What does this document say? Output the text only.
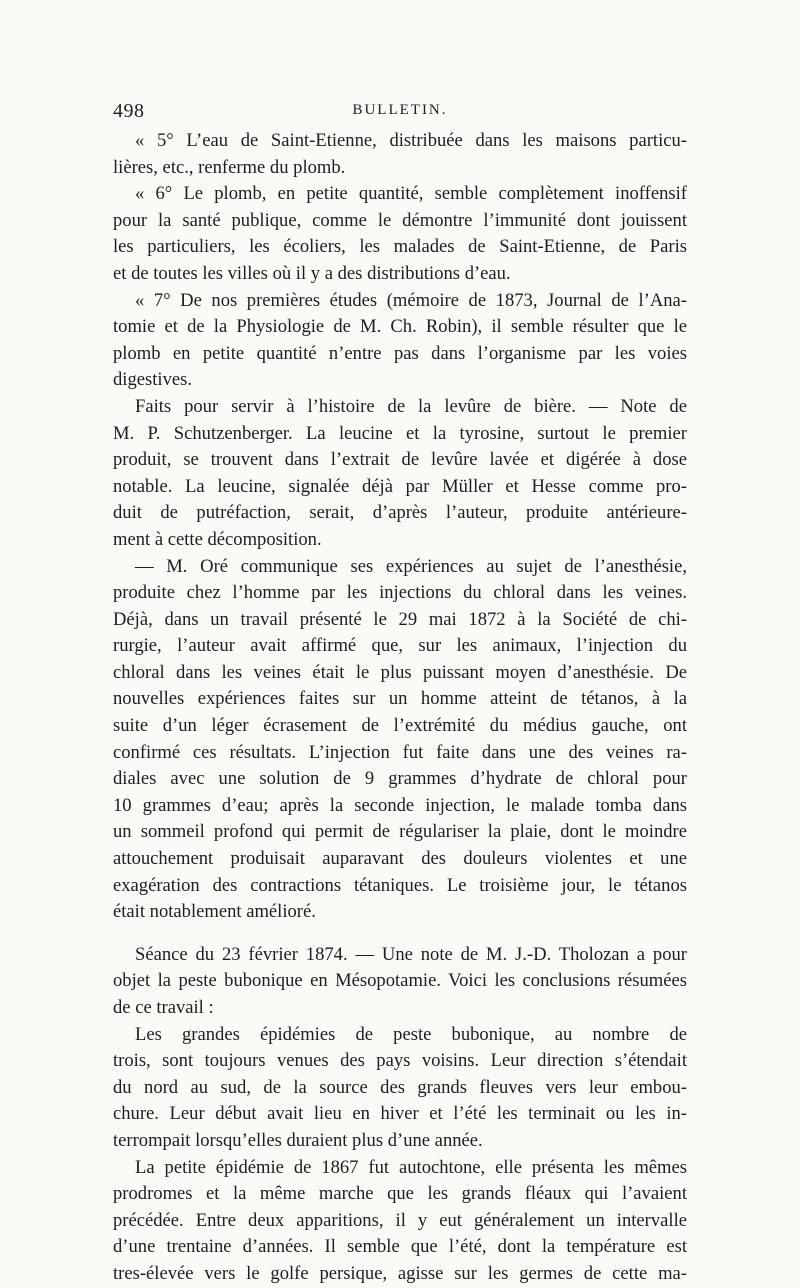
498	BULLETIN.

« 5° L’eau de Saint-Etienne, distribuée dans les maisons particu-
lières, etc., renferme du plomb.

« 6° Le plomb, en petite quantité, semble complètement inoffensif
pour la santé publique, comme le démontre l’immunité dont jouissent
les particuliers, les écoliers, les malades de Saint-Etienne, de Paris
et de toutes les villes où il y a des distributions d’eau.

« 7° De nos premières études (mémoire de 1873, Journal de l’Ana-
tomie et de la Physiologie de M. Ch. Robin), il semble résulter que le
plomb en petite quantité n’entre pas dans l’organisme par les voies
digestives.

Faits pour servir à l’histoire de la levûre de bière. — Note de
M. P. Schutzenberger. La leucine et la tyrosine, surtout le premier
produit, se trouvent dans l’extrait de levûre lavée et digérée à dose
notable. La leucine, signalée déjà par Müller et Hesse comme pro-
duit de putréfaction, serait, d’après l’auteur, produite antérieure-
ment à cette décomposition.

— M. Oré communique ses expériences au sujet de l’anesthésie,
produite chez l’homme par les injections du chloral dans les veines.
Déjà, dans un travail présenté le 29 mai 1872 à la Société de chi-
rurgie, l’auteur avait affirmé que, sur les animaux, l’injection du
chloral dans les veines était le plus puissant moyen d’anesthésie. De
nouvelles expériences faites sur un homme atteint de tétanos, à la
suite d’un léger écrasement de l’extrémité du médius gauche, ont
confirmé ces résultats. L’injection fut faite dans une des veines ra-
diales avec une solution de 9 grammes d’hydrate de chloral pour
10 grammes d’eau; après la seconde injection, le malade tomba dans
un sommeil profond qui permit de régulariser la plaie, dont le moindre
attouchement produisait auparavant des douleurs violentes et une
exagération des contractions tétaniques. Le troisième jour, le tétanos
était notablement amélioré.

Séance du 23 février 1874. — Une note de M. J.-D. Tholozan a pour
objet la peste bubonique en Mésopotamie. Voici les conclusions résumées
de ce travail :

Les grandes épidémies de peste bubonique, au nombre de
trois, sont toujours venues des pays voisins. Leur direction s’étendait
du nord au sud, de la source des grands fleuves vers leur embou-
chure. Leur début avait lieu en hiver et l’été les terminait ou les in-
terrompait lorsqu’elles duraient plus d’une année.

La petite épidémie de 1867 fut autochtone, elle présenta les mêmes
prodromes et la même marche que les grands fléaux qui l’avaient
précédée. Entre deux apparitions, il y eut généralement un intervalle
d’une trentaine d’années. Il semble que l’été, dont la température est
tres-élevée vers le golfe persique, agisse sur les germes de cette ma-
